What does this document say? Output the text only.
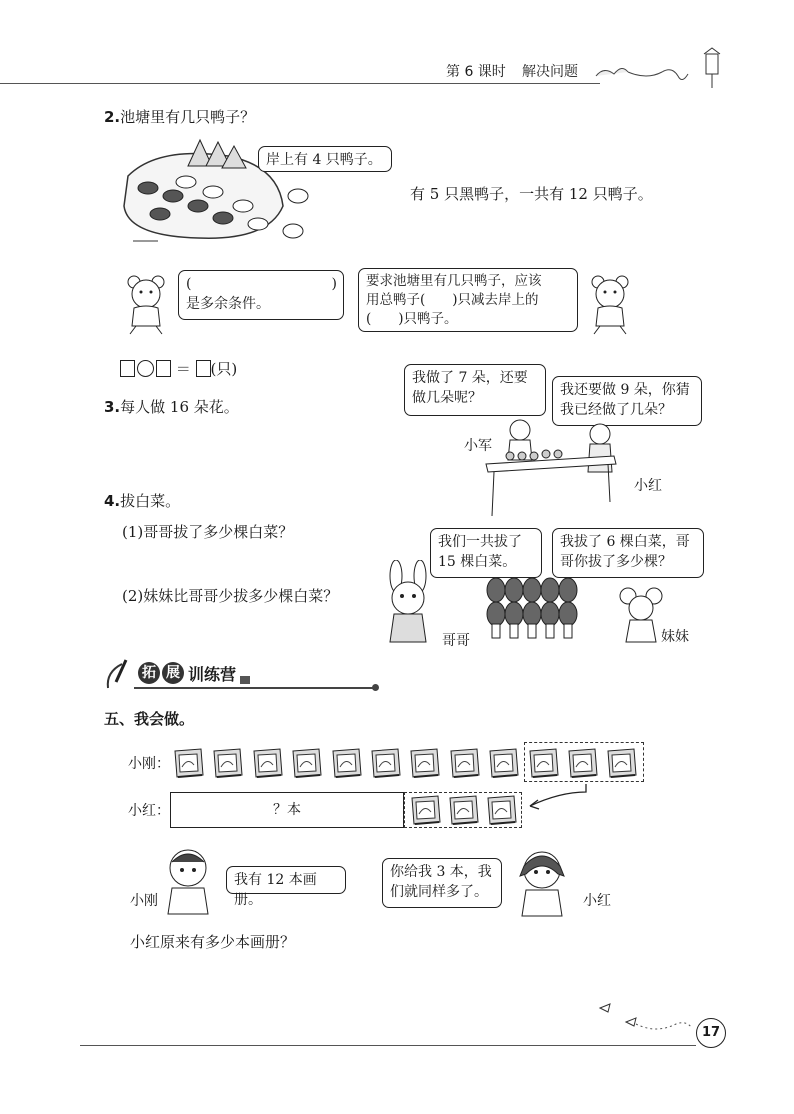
第 6 课时 解决问题
2.池塘里有几只鸭子？
岸上有 4 只鸭子。
有 5 只黑鸭子，一共有 12 只鸭子。
(　　　　　　　　　　)
是多余条件。
要求池塘里有几只鸭子，应该
用总鸭子(　　)只减去岸上的
(　　)只鸭子。
＝ (只)
3.每人做 16 朵花。
我做了 7 朵，还要
做几朵呢？
我还要做 9 朵，你猜
我已经做了几朵？
小军
小红
4.拔白菜。
(1)哥哥拔了多少棵白菜？
(2)妹妹比哥哥少拔多少棵白菜？
我们一共拔了
15 棵白菜。
我拔了 6 棵白菜，哥
哥你拔了多少棵？
哥哥	妹妹
拓 展 训练营
五、我会做。
小刚：
小红：	？本
小刚
我有 12 本画册。
你给我 3 本，我
们就同样多了。
小红
小红原来有多少本画册？
17
